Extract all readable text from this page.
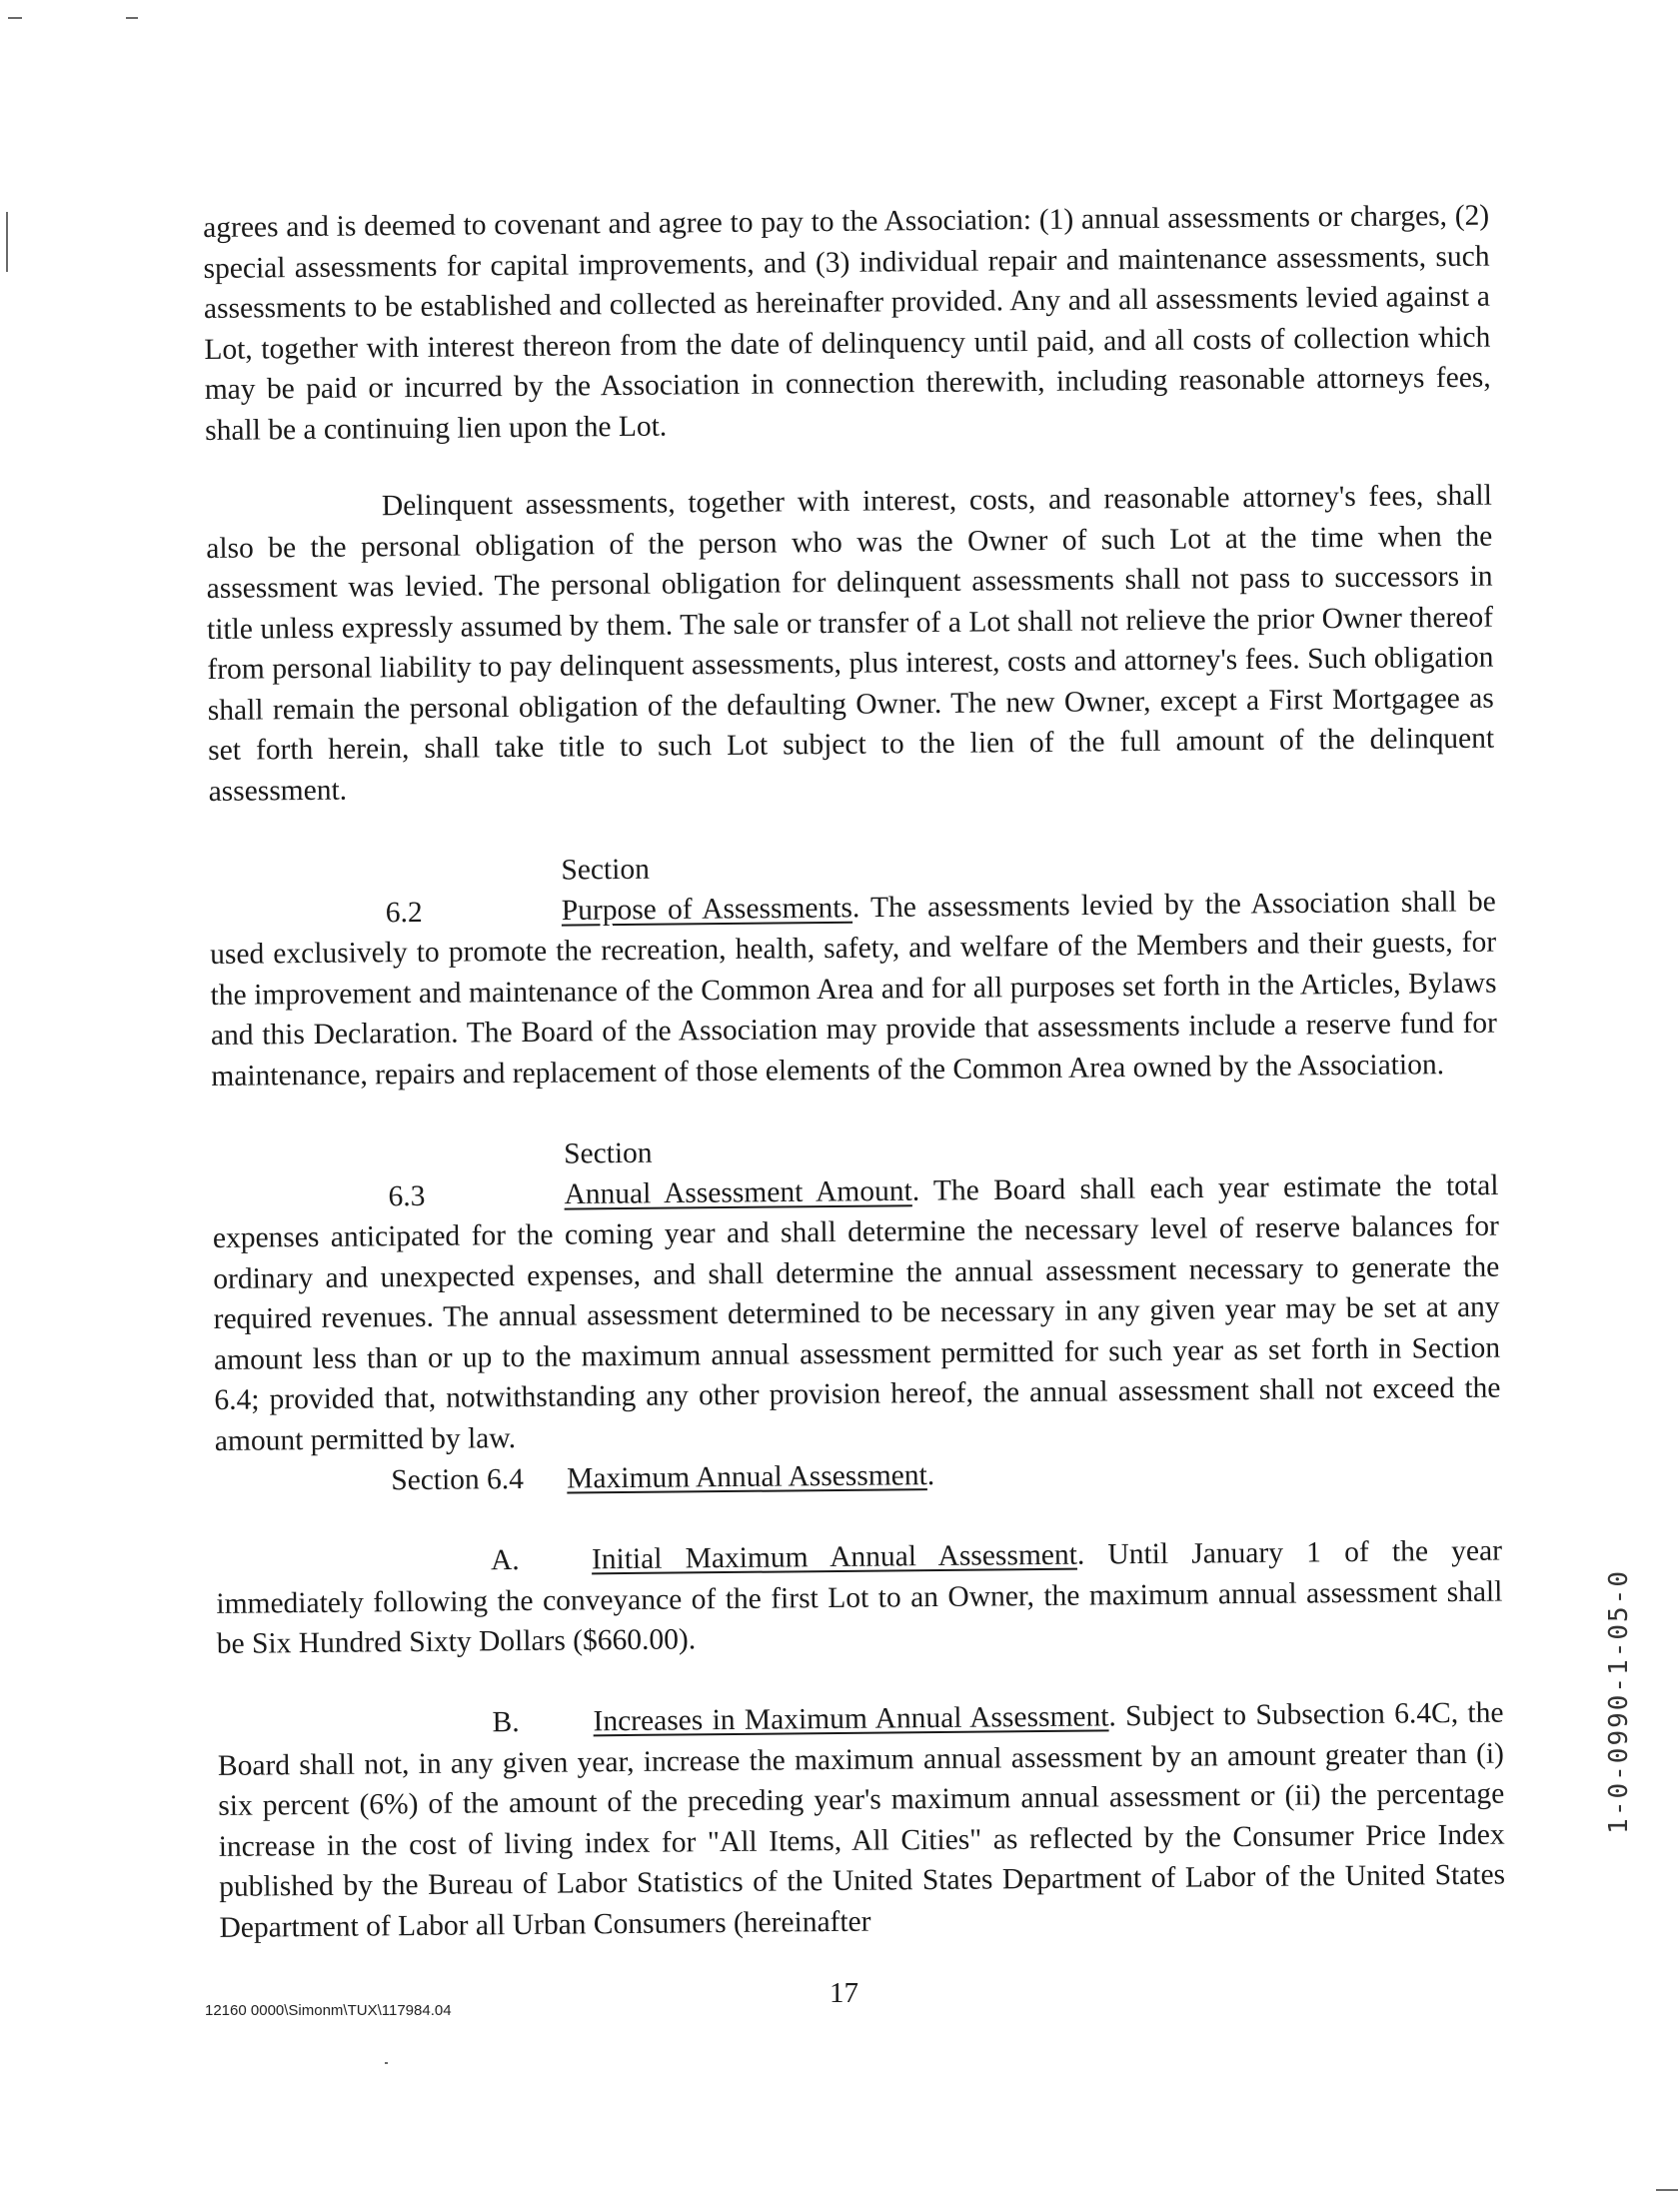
agrees and is deemed to covenant and agree to pay to the Association: (1) annual assessments or charges, (2) special assessments for capital improvements, and (3) individual repair and maintenance assessments, such assessments to be established and collected as hereinafter provided. Any and all assessments levied against a Lot, together with interest thereon from the date of delinquency until paid, and all costs of collection which may be paid or incurred by the Association in connection therewith, including reasonable attorneys fees, shall be a continuing lien upon the Lot.

Delinquent assessments, together with interest, costs, and reasonable attorney's fees, shall also be the personal obligation of the person who was the Owner of such Lot at the time when the assessment was levied. The personal obligation for delinquent assessments shall not pass to successors in title unless expressly assumed by them. The sale or transfer of a Lot shall not relieve the prior Owner thereof from personal liability to pay delinquent assessments, plus interest, costs and attorney's fees. Such obligation shall remain the personal obligation of the defaulting Owner. The new Owner, except a First Mortgagee as set forth herein, shall take title to such Lot subject to the lien of the full amount of the delinquent assessment.

Section 6.2	Purpose of Assessments. The assessments levied by the Association shall be used exclusively to promote the recreation, health, safety, and welfare of the Members and their guests, for the improvement and maintenance of the Common Area and for all purposes set forth in the Articles, Bylaws and this Declaration. The Board of the Association may provide that assessments include a reserve fund for maintenance, repairs and replacement of those elements of the Common Area owned by the Association.

Section 6.3	Annual Assessment Amount. The Board shall each year estimate the total expenses anticipated for the coming year and shall determine the necessary level of reserve balances for ordinary and unexpected expenses, and shall determine the annual assessment necessary to generate the required revenues. The annual assessment determined to be necessary in any given year may be set at any amount less than or up to the maximum annual assessment permitted for such year as set forth in Section 6.4; provided that, notwithstanding any other provision hereof, the annual assessment shall not exceed the amount permitted by law.

Section 6.4 Maximum Annual Assessment.

A. Initial Maximum Annual Assessment. Until January 1 of the year immediately following the conveyance of the first Lot to an Owner, the maximum annual assessment shall be Six Hundred Sixty Dollars ($660.00).

B. Increases in Maximum Annual Assessment. Subject to Subsection 6.4C, the Board shall not, in any given year, increase the maximum annual assessment by an amount greater than (i) six percent (6%) of the amount of the preceding year's maximum annual assessment or (ii) the percentage increase in the cost of living index for "All Items, All Cities" as reflected by the Consumer Price Index published by the Bureau of Labor Statistics of the United States Department of Labor of the United States Department of Labor all Urban Consumers (hereinafter

17
12160 0000\Simonm\TUX\117984.04
1-0-0990-1-05-0
